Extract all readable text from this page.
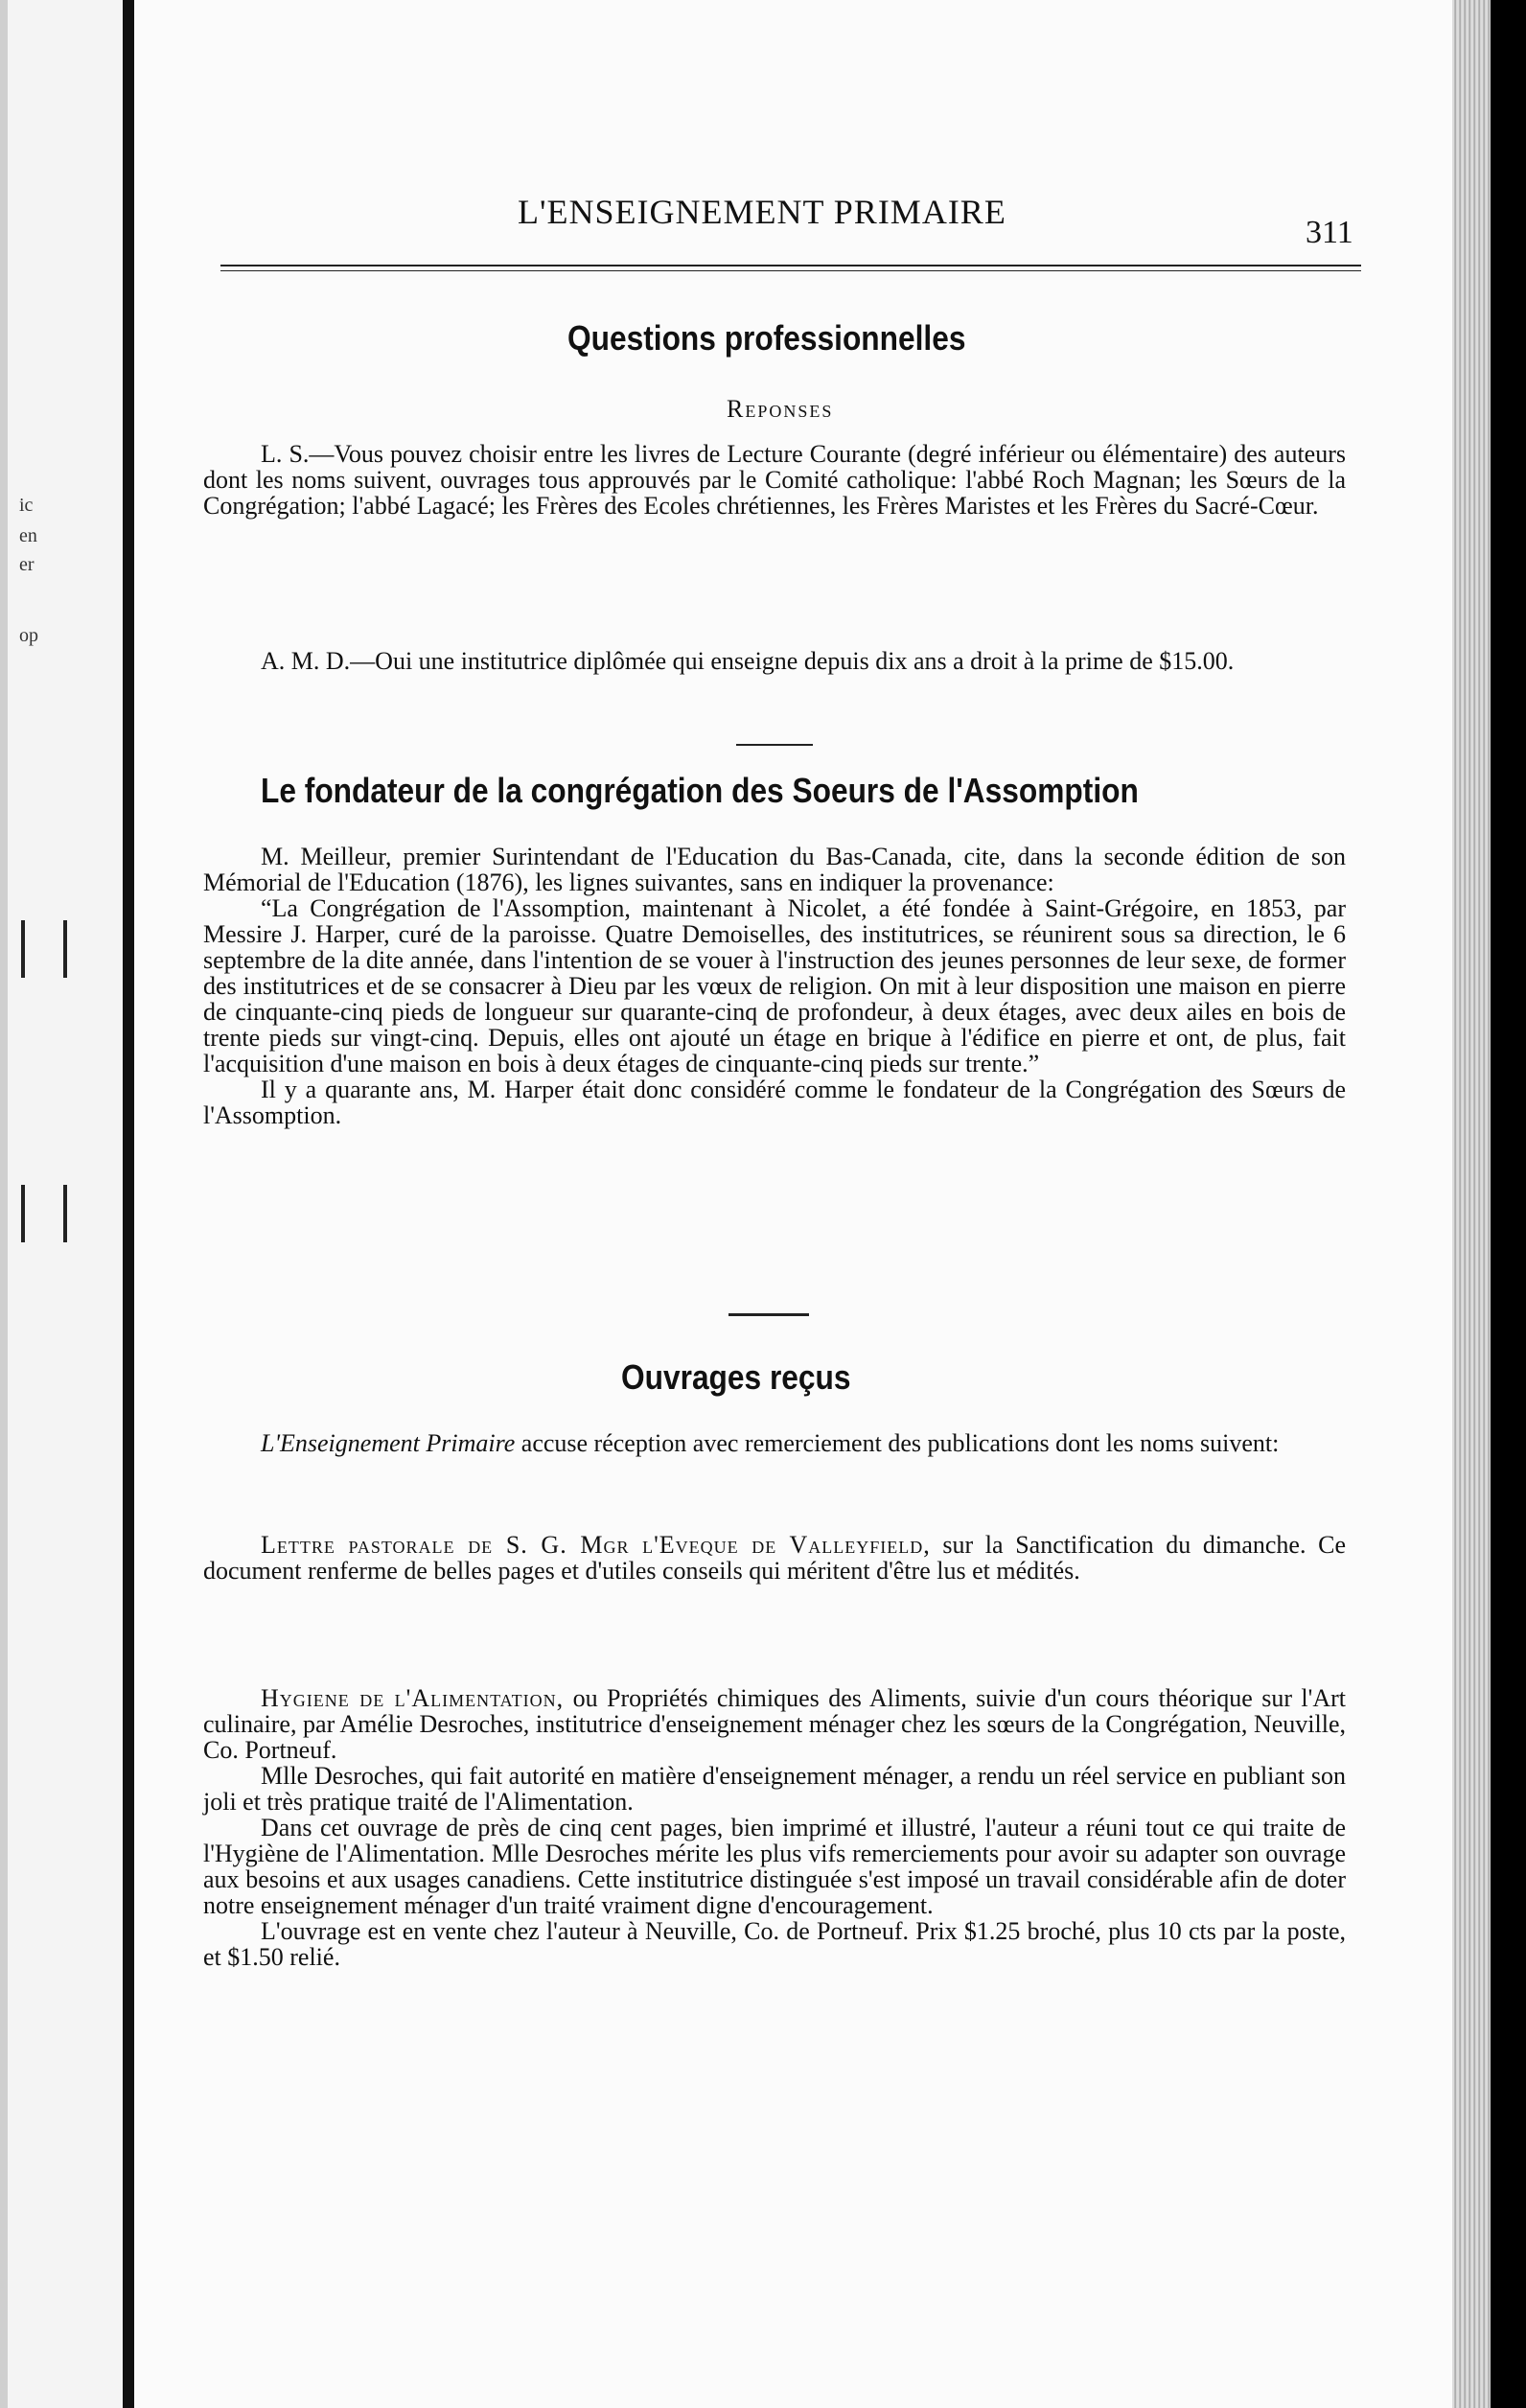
ic
en
er
op
L'ENSEIGNEMENT PRIMAIRE
311
Questions professionnelles
Reponses

L. S.—Vous pouvez choisir entre les livres de Lecture Courante (degré inférieur ou élémentaire) des auteurs dont les noms suivent, ouvrages tous approuvés par le Comité catholique: l'abbé Roch Magnan; les Sœurs de la Congrégation; l'abbé Lagacé; les Frères des Ecoles chrétiennes, les Frères Maristes et les Frères du Sacré-Cœur.

A. M. D.—Oui une institutrice diplômée qui enseigne depuis dix ans a droit à la prime de $15.00.

Le fondateur de la congrégation des Soeurs de l'Assomption

M. Meilleur, premier Surintendant de l'Education du Bas-Canada, cite, dans la seconde édition de son Mémorial de l'Education (1876), les lignes suivantes, sans en indiquer la provenance:

“La Congrégation de l'Assomption, maintenant à Nicolet, a été fondée à Saint-Grégoire, en 1853, par Messire J. Harper, curé de la paroisse. Quatre Demoiselles, des institutrices, se réunirent sous sa direction, le 6 septembre de la dite année, dans l'intention de se vouer à l'instruction des jeunes personnes de leur sexe, de former des institutrices et de se consacrer à Dieu par les vœux de religion. On mit à leur disposition une maison en pierre de cinquante-cinq pieds de longueur sur quarante-cinq de profondeur, à deux étages, avec deux ailes en bois de trente pieds sur vingt-cinq. Depuis, elles ont ajouté un étage en brique à l'édifice en pierre et ont, de plus, fait l'acquisition d'une maison en bois à deux étages de cinquante-cinq pieds sur trente.”

Il y a quarante ans, M. Harper était donc considéré comme le fondateur de la Congrégation des Sœurs de l'Assomption.

Ouvrages reçus

L'Enseignement Primaire accuse réception avec remerciement des publications dont les noms suivent:

Lettre pastorale de S. G. Mgr l'Eveque de Valleyfield, sur la Sanctification du dimanche. Ce document renferme de belles pages et d'utiles conseils qui méritent d'être lus et médités.

Hygiene de l'Alimentation, ou Propriétés chimiques des Aliments, suivie d'un cours théorique sur l'Art culinaire, par Amélie Desroches, institutrice d'enseignement ménager chez les sœurs de la Congrégation, Neuville, Co. Portneuf.

Mlle Desroches, qui fait autorité en matière d'enseignement ménager, a rendu un réel service en publiant son joli et très pratique traité de l'Alimentation.

Dans cet ouvrage de près de cinq cent pages, bien imprimé et illustré, l'auteur a réuni tout ce qui traite de l'Hygiène de l'Alimentation. Mlle Desroches mérite les plus vifs remerciements pour avoir su adapter son ouvrage aux besoins et aux usages canadiens. Cette institutrice distinguée s'est imposé un travail considérable afin de doter notre enseignement ménager d'un traité vraiment digne d'encouragement.

L'ouvrage est en vente chez l'auteur à Neuville, Co. de Portneuf. Prix $1.25 broché, plus 10 cts par la poste, et $1.50 relié.
